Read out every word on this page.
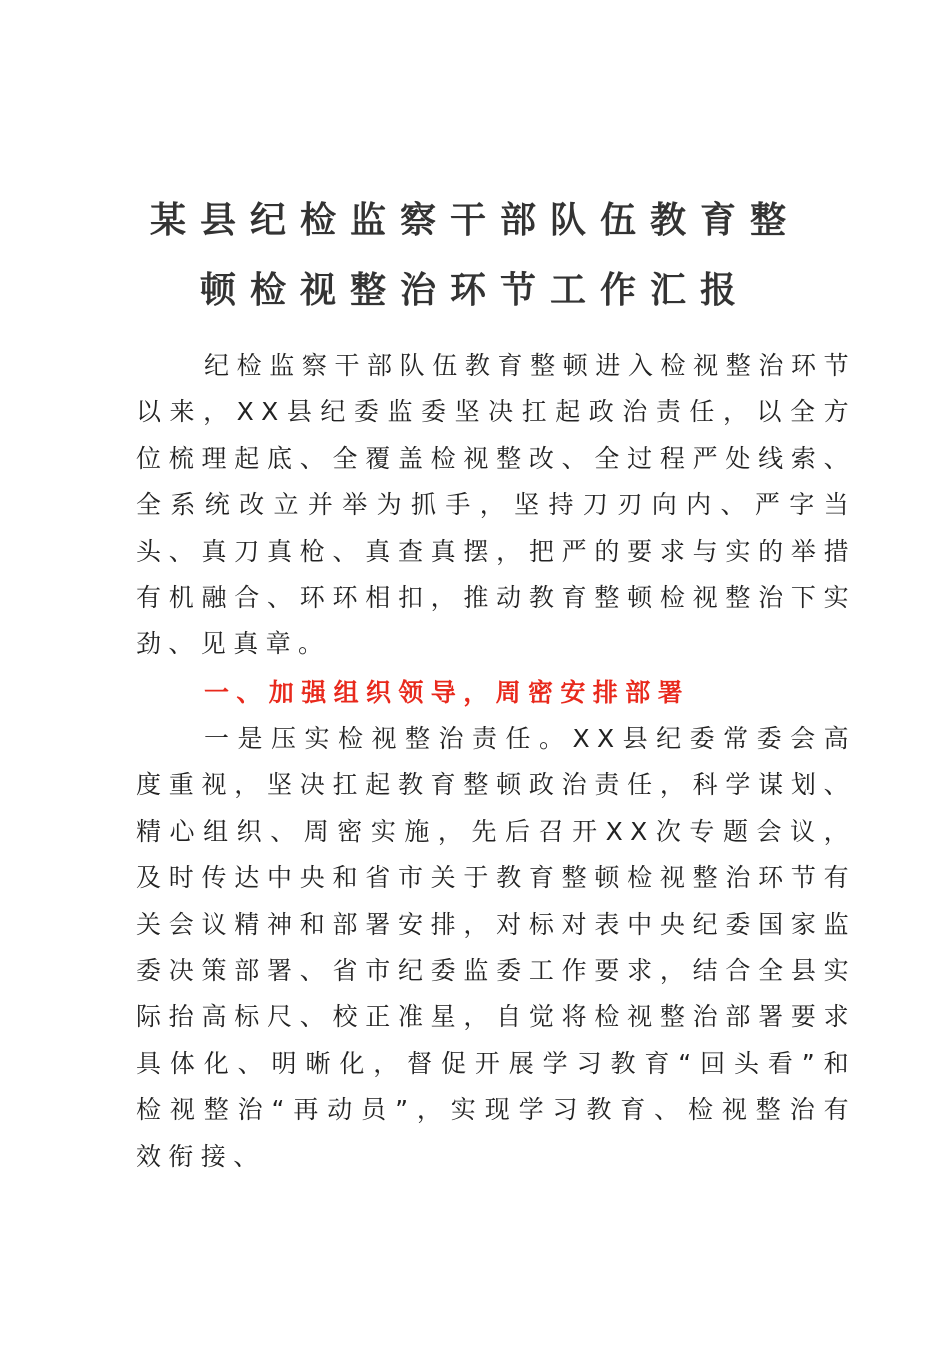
某县纪检监察干部队伍教育整
顿检视整治环节工作汇报

纪检监察干部队伍教育整顿进入检视整治环节以来，XX县纪委监委坚决扛起政治责任，以全方位梳理起底、全覆盖检视整改、全过程严处线索、全系统改立并举为抓手，坚持刀刃向内、严字当头、真刀真枪、真查真摆，把严的要求与实的举措有机融合、环环相扣，推动教育整顿检视整治下实劲、见真章。

一、加强组织领导，周密安排部署

一是压实检视整治责任。XX县纪委常委会高度重视，坚决扛起教育整顿政治责任，科学谋划、精心组织、周密实施，先后召开XX次专题会议，及时传达中央和省市关于教育整顿检视整治环节有关会议精神和部署安排，对标对表中央纪委国家监委决策部署、省市纪委监委工作要求，结合全县实际抬高标尺、校正准星，自觉将检视整治部署要求具体化、明晰化，督促开展学习教育“回头看”和检视整治“再动员”，实现学习教育、检视整治有效衔接、
